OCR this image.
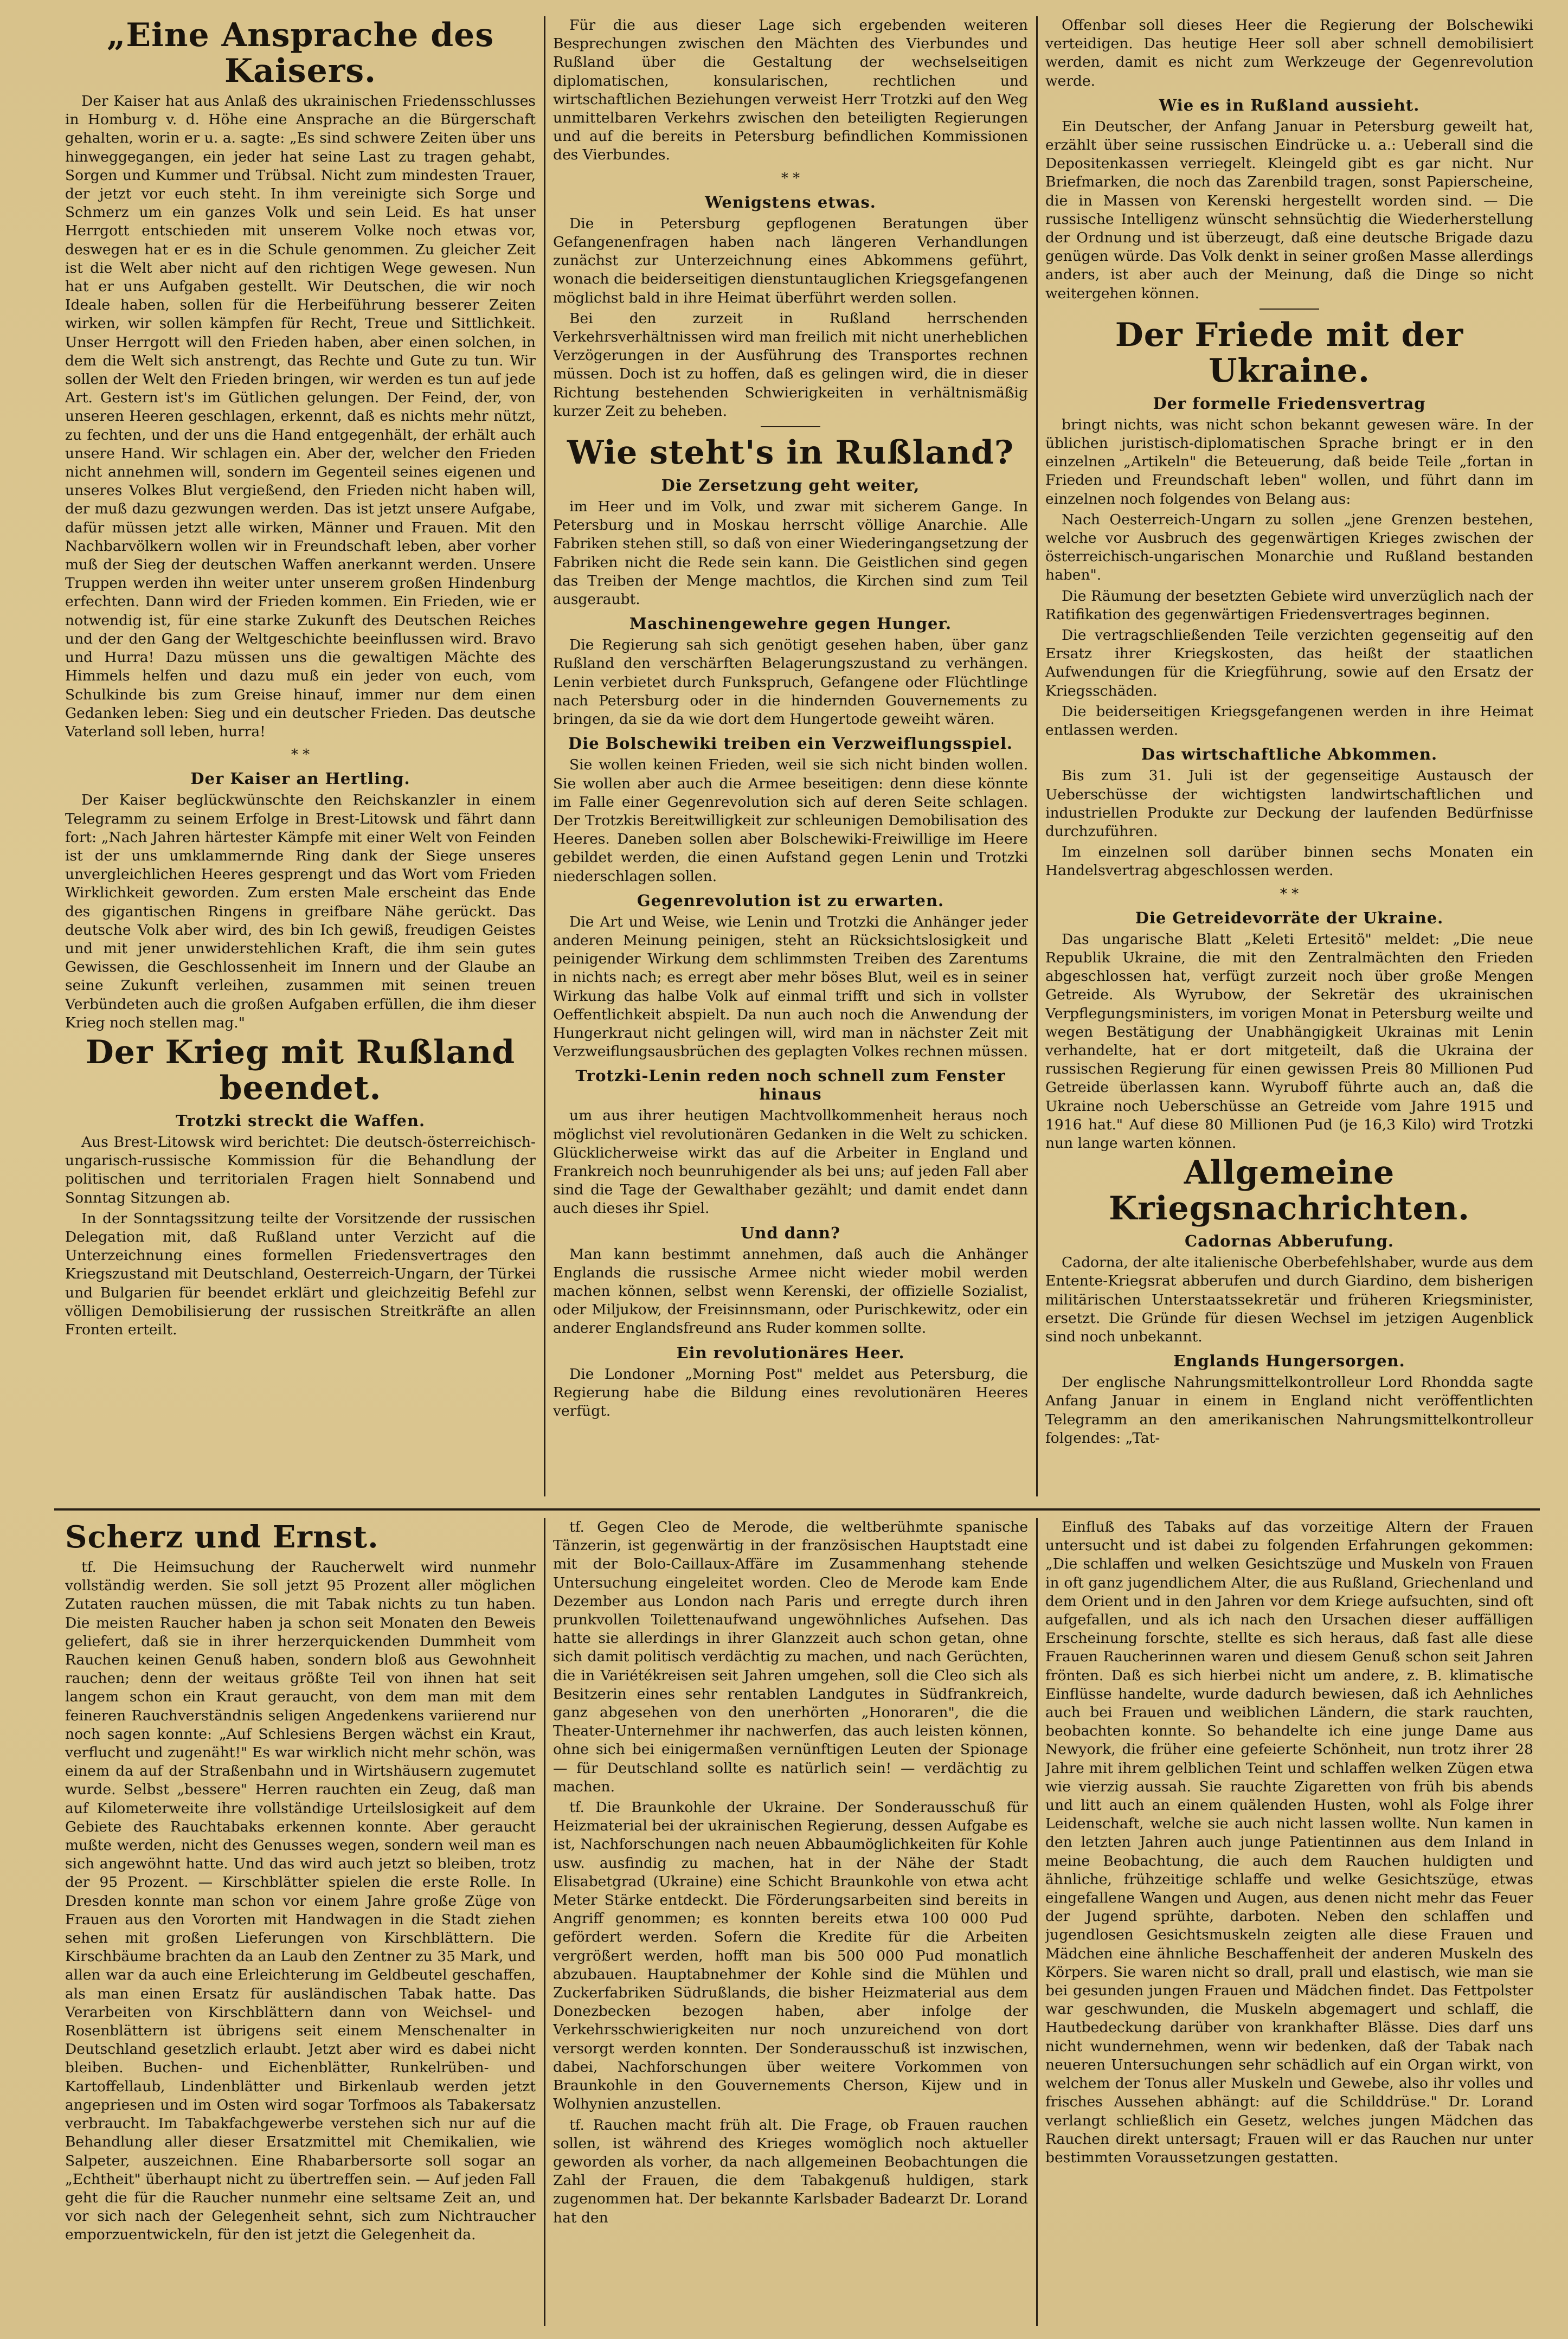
„Eine Ansprache des Kaisers.

Der Kaiser hat aus Anlaß des ukrainischen Friedensschlusses in Homburg v. d. Höhe eine Ansprache an die Bürgerschaft gehalten, worin er u. a. sagte: „Es sind schwere Zeiten über uns hinweggegangen, ein jeder hat seine Last zu tragen gehabt, Sorgen und Kummer und Trübsal. Nicht zum mindesten Trauer, der jetzt vor euch steht. In ihm vereinigte sich Sorge und Schmerz um ein ganzes Volk und sein Leid. Es hat unser Herrgott entschieden mit unserem Volke noch etwas vor, deswegen hat er es in die Schule genommen. Zu gleicher Zeit ist die Welt aber nicht auf den richtigen Wege gewesen. Nun hat er uns Aufgaben gestellt. Wir Deutschen, die wir noch Ideale haben, sollen für die Herbeiführung besserer Zeiten wirken, wir sollen kämpfen für Recht, Treue und Sittlichkeit. Unser Herrgott will den Frieden haben, aber einen solchen, in dem die Welt sich anstrengt, das Rechte und Gute zu tun. Wir sollen der Welt den Frieden bringen, wir werden es tun auf jede Art. Gestern ist's im Gütlichen gelungen. Der Feind, der, von unseren Heeren geschlagen, erkennt, daß es nichts mehr nützt, zu fechten, und der uns die Hand entgegenhält, der erhält auch unsere Hand. Wir schlagen ein. Aber der, welcher den Frieden nicht annehmen will, sondern im Gegenteil seines eigenen und unseres Volkes Blut vergießend, den Frieden nicht haben will, der muß dazu gezwungen werden. Das ist jetzt unsere Aufgabe, dafür müssen jetzt alle wirken, Männer und Frauen. Mit den Nachbarvölkern wollen wir in Freundschaft leben, aber vorher muß der Sieg der deutschen Waffen anerkannt werden. Unsere Truppen werden ihn weiter unter unserem großen Hindenburg erfechten. Dann wird der Frieden kommen. Ein Frieden, wie er notwendig ist, für eine starke Zukunft des Deutschen Reiches und der den Gang der Weltgeschichte beeinflussen wird. Bravo und Hurra! Dazu müssen uns die gewaltigen Mächte des Himmels helfen und dazu muß ein jeder von euch, vom Schulkinde bis zum Greise hinauf, immer nur dem einen Gedanken leben: Sieg und ein deutscher Frieden. Das deutsche Vaterland soll leben, hurra!

* *
Der Kaiser an Hertling.

Der Kaiser beglückwünschte den Reichskanzler in einem Telegramm zu seinem Erfolge in Brest-Litowsk und fährt dann fort: „Nach Jahren härtester Kämpfe mit einer Welt von Feinden ist der uns umklammernde Ring dank der Siege unseres unvergleichlichen Heeres gesprengt und das Wort vom Frieden Wirklichkeit geworden. Zum ersten Male erscheint das Ende des gigantischen Ringens in greifbare Nähe gerückt. Das deutsche Volk aber wird, des bin Ich gewiß, freudigen Geistes und mit jener unwiderstehlichen Kraft, die ihm sein gutes Gewissen, die Geschlossenheit im Innern und der Glaube an seine Zukunft verleihen, zusammen mit seinen treuen Verbündeten auch die großen Aufgaben erfüllen, die ihm dieser Krieg noch stellen mag."

Der Krieg mit Rußland beendet.
Trotzki streckt die Waffen.

Aus Brest-Litowsk wird berichtet: Die deutsch-österreichisch-ungarisch-russische Kommission für die Behandlung der politischen und territorialen Fragen hielt Sonnabend und Sonntag Sitzungen ab.

In der Sonntagssitzung teilte der Vorsitzende der russischen Delegation mit, daß Rußland unter Verzicht auf die Unterzeichnung eines formellen Friedensvertrages den Kriegszustand mit Deutschland, Oesterreich-Ungarn, der Türkei und Bulgarien für beendet erklärt und gleichzeitig Befehl zur völligen Demobilisierung der russischen Streitkräfte an allen Fronten erteilt.

Für die aus dieser Lage sich ergebenden weiteren Besprechungen zwischen den Mächten des Vierbundes und Rußland über die Gestaltung der wechselseitigen diplomatischen, konsularischen, rechtlichen und wirtschaftlichen Beziehungen verweist Herr Trotzki auf den Weg unmittelbaren Verkehrs zwischen den beteiligten Regierungen und auf die bereits in Petersburg befindlichen Kommissionen des Vierbundes.

* *
Wenigstens etwas.

Die in Petersburg gepflogenen Beratungen über Gefangenenfragen haben nach längeren Verhandlungen zunächst zur Unterzeichnung eines Abkommens geführt, wonach die beiderseitigen dienstuntauglichen Kriegsgefangenen möglichst bald in ihre Heimat überführt werden sollen.

Bei den zurzeit in Rußland herrschenden Verkehrsverhältnissen wird man freilich mit nicht unerheblichen Verzögerungen in der Ausführung des Transportes rechnen müssen. Doch ist zu hoffen, daß es gelingen wird, die in dieser Richtung bestehenden Schwierigkeiten in verhältnismäßig kurzer Zeit zu beheben.

Wie steht's in Rußland?
Die Zersetzung geht weiter,

im Heer und im Volk, und zwar mit sicherem Gange. In Petersburg und in Moskau herrscht völlige Anarchie. Alle Fabriken stehen still, so daß von einer Wiederingangsetzung der Fabriken nicht die Rede sein kann. Die Geistlichen sind gegen das Treiben der Menge machtlos, die Kirchen sind zum Teil ausgeraubt.

Maschinengewehre gegen Hunger.

Die Regierung sah sich genötigt gesehen haben, über ganz Rußland den verschärften Belagerungszustand zu verhängen. Lenin verbietet durch Funkspruch, Gefangene oder Flüchtlinge nach Petersburg oder in die hindernden Gouvernements zu bringen, da sie da wie dort dem Hungertode geweiht wären.

Die Bolschewiki treiben ein Verzweiflungsspiel.

Sie wollen keinen Frieden, weil sie sich nicht binden wollen. Sie wollen aber auch die Armee beseitigen: denn diese könnte im Falle einer Gegenrevolution sich auf deren Seite schlagen. Der Trotzkis Bereitwilligkeit zur schleunigen Demobilisation des Heeres. Daneben sollen aber Bolschewiki-Freiwillige im Heere gebildet werden, die einen Aufstand gegen Lenin und Trotzki niederschlagen sollen.

Gegenrevolution ist zu erwarten.

Die Art und Weise, wie Lenin und Trotzki die Anhänger jeder anderen Meinung peinigen, steht an Rücksichtslosigkeit und peinigender Wirkung dem schlimmsten Treiben des Zarentums in nichts nach; es erregt aber mehr böses Blut, weil es in seiner Wirkung das halbe Volk auf einmal trifft und sich in vollster Oeffentlichkeit abspielt. Da nun auch noch die Anwendung der Hungerkraut nicht gelingen will, wird man in nächster Zeit mit Verzweiflungsausbrüchen des geplagten Volkes rechnen müssen.

Trotzki-Lenin reden noch schnell zum Fenster hinaus

um aus ihrer heutigen Machtvollkommenheit heraus noch möglichst viel revolutionären Gedanken in die Welt zu schicken. Glücklicherweise wirkt das auf die Arbeiter in England und Frankreich noch beunruhigender als bei uns; auf jeden Fall aber sind die Tage der Gewalthaber gezählt; und damit endet dann auch dieses ihr Spiel.

Und dann?

Man kann bestimmt annehmen, daß auch die Anhänger Englands die russische Armee nicht wieder mobil werden machen können, selbst wenn Kerenski, der offizielle Sozialist, oder Miljukow, der Freisinnsmann, oder Purischkewitz, oder ein anderer Englandsfreund ans Ruder kommen sollte.

Ein revolutionäres Heer.

Die Londoner „Morning Post" meldet aus Petersburg, die Regierung habe die Bildung eines revolutionären Heeres verfügt.

Offenbar soll dieses Heer die Regierung der Bolschewiki verteidigen. Das heutige Heer soll aber schnell demobilisiert werden, damit es nicht zum Werkzeuge der Gegenrevolution werde.

Wie es in Rußland aussieht.

Ein Deutscher, der Anfang Januar in Petersburg geweilt hat, erzählt über seine russischen Eindrücke u. a.: Ueberall sind die Depositenkassen verriegelt. Kleingeld gibt es gar nicht. Nur Briefmarken, die noch das Zarenbild tragen, sonst Papierscheine, die in Massen von Kerenski hergestellt worden sind. — Die russische Intelligenz wünscht sehnsüchtig die Wiederherstellung der Ordnung und ist überzeugt, daß eine deutsche Brigade dazu genügen würde. Das Volk denkt in seiner großen Masse allerdings anders, ist aber auch der Meinung, daß die Dinge so nicht weitergehen können.

Der Friede mit der Ukraine.
Der formelle Friedensvertrag

bringt nichts, was nicht schon bekannt gewesen wäre. In der üblichen juristisch-diplomatischen Sprache bringt er in den einzelnen „Artikeln" die Beteuerung, daß beide Teile „fortan in Frieden und Freundschaft leben" wollen, und führt dann im einzelnen noch folgendes von Belang aus:

Nach Oesterreich-Ungarn zu sollen „jene Grenzen bestehen, welche vor Ausbruch des gegenwärtigen Krieges zwischen der österreichisch-ungarischen Monarchie und Rußland bestanden haben".

Die Räumung der besetzten Gebiete wird unverzüglich nach der Ratifikation des gegenwärtigen Friedensvertrages beginnen.

Die vertragschließenden Teile verzichten gegenseitig auf den Ersatz ihrer Kriegskosten, das heißt der staatlichen Aufwendungen für die Kriegführung, sowie auf den Ersatz der Kriegsschäden.

Die beiderseitigen Kriegsgefangenen werden in ihre Heimat entlassen werden.

Das wirtschaftliche Abkommen.

Bis zum 31. Juli ist der gegenseitige Austausch der Ueberschüsse der wichtigsten landwirtschaftlichen und industriellen Produkte zur Deckung der laufenden Bedürfnisse durchzuführen.

Im einzelnen soll darüber binnen sechs Monaten ein Handelsvertrag abgeschlossen werden.

* *
Die Getreidevorräte der Ukraine.

Das ungarische Blatt „Keleti Ertesitö" meldet: „Die neue Republik Ukraine, die mit den Zentralmächten den Frieden abgeschlossen hat, verfügt zurzeit noch über große Mengen Getreide. Als Wyrubow, der Sekretär des ukrainischen Verpflegungsministers, im vorigen Monat in Petersburg weilte und wegen Bestätigung der Unabhängigkeit Ukrainas mit Lenin verhandelte, hat er dort mitgeteilt, daß die Ukraina der russischen Regierung für einen gewissen Preis 80 Millionen Pud Getreide überlassen kann. Wyruboff führte auch an, daß die Ukraine noch Ueberschüsse an Getreide vom Jahre 1915 und 1916 hat." Auf diese 80 Millionen Pud (je 16,3 Kilo) wird Trotzki nun lange warten können.

Allgemeine Kriegsnachrichten.
Cadornas Abberufung.

Cadorna, der alte italienische Oberbefehlshaber, wurde aus dem Entente-Kriegsrat abberufen und durch Giardino, dem bisherigen militärischen Unterstaatssekretär und früheren Kriegsminister, ersetzt. Die Gründe für diesen Wechsel im jetzigen Augenblick sind noch unbekannt.

Englands Hungersorgen.

Der englische Nahrungsmittelkontrolleur Lord Rhondda sagte Anfang Januar in einem in England nicht veröffentlichten Telegramm an den amerikanischen Nahrungsmittelkontrolleur folgendes: „Tat-

Scherz und Ernst.

tf. Die Heimsuchung der Raucherwelt wird nunmehr vollständig werden. Sie soll jetzt 95 Prozent aller möglichen Zutaten rauchen müssen, die mit Tabak nichts zu tun haben. Die meisten Raucher haben ja schon seit Monaten den Beweis geliefert, daß sie in ihrer herzerquickenden Dummheit vom Rauchen keinen Genuß haben, sondern bloß aus Gewohnheit rauchen; denn der weitaus größte Teil von ihnen hat seit langem schon ein Kraut geraucht, von dem man mit dem feineren Rauchverständnis seligen Angedenkens variierend nur noch sagen konnte: „Auf Schlesiens Bergen wächst ein Kraut, verflucht und zugenäht!" Es war wirklich nicht mehr schön, was einem da auf der Straßenbahn und in Wirtshäusern zugemutet wurde. Selbst „bessere" Herren rauchten ein Zeug, daß man auf Kilometerweite ihre vollständige Urteilslosigkeit auf dem Gebiete des Rauchtabaks erkennen konnte. Aber geraucht mußte werden, nicht des Genusses wegen, sondern weil man es sich angewöhnt hatte. Und das wird auch jetzt so bleiben, trotz der 95 Prozent. — Kirschblätter spielen die erste Rolle. In Dresden konnte man schon vor einem Jahre große Züge von Frauen aus den Vororten mit Handwagen in die Stadt ziehen sehen mit großen Lieferungen von Kirschblättern. Die Kirschbäume brachten da an Laub den Zentner zu 35 Mark, und allen war da auch eine Erleichterung im Geldbeutel geschaffen, als man einen Ersatz für ausländischen Tabak hatte. Das Verarbeiten von Kirschblättern dann von Weichsel- und Rosenblättern ist übrigens seit einem Menschenalter in Deutschland gesetzlich erlaubt. Jetzt aber wird es dabei nicht bleiben. Buchen- und Eichenblätter, Runkelrüben- und Kartoffellaub, Lindenblätter und Birkenlaub werden jetzt angepriesen und im Osten wird sogar Torfmoos als Tabakersatz verbraucht. Im Tabakfachgewerbe verstehen sich nur auf die Behandlung aller dieser Ersatzmittel mit Chemikalien, wie Salpeter, auszeichnen. Eine Rhabarbersorte soll sogar an „Echtheit" überhaupt nicht zu übertreffen sein. — Auf jeden Fall geht die für die Raucher nunmehr eine seltsame Zeit an, und vor sich nach der Gelegenheit sehnt, sich zum Nichtraucher emporzuentwickeln, für den ist jetzt die Gelegenheit da.

tf. Gegen Cleo de Merode, die weltberühmte spanische Tänzerin, ist gegenwärtig in der französischen Hauptstadt eine mit der Bolo-Caillaux-Affäre im Zusammenhang stehende Untersuchung eingeleitet worden. Cleo de Merode kam Ende Dezember aus London nach Paris und erregte durch ihren prunkvollen Toilettenaufwand ungewöhnliches Aufsehen. Das hatte sie allerdings in ihrer Glanzzeit auch schon getan, ohne sich damit politisch verdächtig zu machen, und nach Gerüchten, die in Variétékreisen seit Jahren umgehen, soll die Cleo sich als Besitzerin eines sehr rentablen Landgutes in Südfrankreich, ganz abgesehen von den unerhörten „Honoraren", die die Theater-Unternehmer ihr nachwerfen, das auch leisten können, ohne sich bei einigermaßen vernünftigen Leuten der Spionage — für Deutschland sollte es natürlich sein! — verdächtig zu machen.

tf. Die Braunkohle der Ukraine. Der Sonderausschuß für Heizmaterial bei der ukrainischen Regierung, dessen Aufgabe es ist, Nachforschungen nach neuen Abbaumöglichkeiten für Kohle usw. ausfindig zu machen, hat in der Nähe der Stadt Elisabetgrad (Ukraine) eine Schicht Braunkohle von etwa acht Meter Stärke entdeckt. Die Förderungsarbeiten sind bereits in Angriff genommen; es konnten bereits etwa 100 000 Pud gefördert werden. Sofern die Kredite für die Arbeiten vergrößert werden, hofft man bis 500 000 Pud monatlich abzubauen. Hauptabnehmer der Kohle sind die Mühlen und Zuckerfabriken Südrußlands, die bisher Heizmaterial aus dem Donezbecken bezogen haben, aber infolge der Verkehrsschwierigkeiten nur noch unzureichend von dort versorgt werden konnten. Der Sonderausschuß ist inzwischen, dabei, Nachforschungen über weitere Vorkommen von Braunkohle in den Gouvernements Cherson, Kijew und in Wolhynien anzustellen.

tf. Rauchen macht früh alt. Die Frage, ob Frauen rauchen sollen, ist während des Krieges womöglich noch aktueller geworden als vorher, da nach allgemeinen Beobachtungen die Zahl der Frauen, die dem Tabakgenuß huldigen, stark zugenommen hat. Der bekannte Karlsbader Badearzt Dr. Lorand hat den

Einfluß des Tabaks auf das vorzeitige Altern der Frauen untersucht und ist dabei zu folgenden Erfahrungen gekommen: „Die schlaffen und welken Gesichtszüge und Muskeln von Frauen in oft ganz jugendlichem Alter, die aus Rußland, Griechenland und dem Orient und in den Jahren vor dem Kriege aufsuchten, sind oft aufgefallen, und als ich nach den Ursachen dieser auffälligen Erscheinung forschte, stellte es sich heraus, daß fast alle diese Frauen Raucherinnen waren und diesem Genuß schon seit Jahren frönten. Daß es sich hierbei nicht um andere, z. B. klimatische Einflüsse handelte, wurde dadurch bewiesen, daß ich Aehnliches auch bei Frauen und weiblichen Ländern, die stark rauchten, beobachten konnte. So behandelte ich eine junge Dame aus Newyork, die früher eine gefeierte Schönheit, nun trotz ihrer 28 Jahre mit ihrem gelblichen Teint und schlaffen welken Zügen etwa wie vierzig aussah. Sie rauchte Zigaretten von früh bis abends und litt auch an einem quälenden Husten, wohl als Folge ihrer Leidenschaft, welche sie auch nicht lassen wollte. Nun kamen in den letzten Jahren auch junge Patientinnen aus dem Inland in meine Beobachtung, die auch dem Rauchen huldigten und ähnliche, frühzeitige schlaffe und welke Gesichtszüge, etwas eingefallene Wangen und Augen, aus denen nicht mehr das Feuer der Jugend sprühte, darboten. Neben den schlaffen und jugendlosen Gesichtsmuskeln zeigten alle diese Frauen und Mädchen eine ähnliche Beschaffenheit der anderen Muskeln des Körpers. Sie waren nicht so drall, prall und elastisch, wie man sie bei gesunden jungen Frauen und Mädchen findet. Das Fettpolster war geschwunden, die Muskeln abgemagert und schlaff, die Hautbedeckung darüber von krankhafter Blässe. Dies darf uns nicht wundernehmen, wenn wir bedenken, daß der Tabak nach neueren Untersuchungen sehr schädlich auf ein Organ wirkt, von welchem der Tonus aller Muskeln und Gewebe, also ihr volles und frisches Aussehen abhängt: auf die Schilddrüse." Dr. Lorand verlangt schließlich ein Gesetz, welches jungen Mädchen das Rauchen direkt untersagt; Frauen will er das Rauchen nur unter bestimmten Voraussetzungen gestatten.
